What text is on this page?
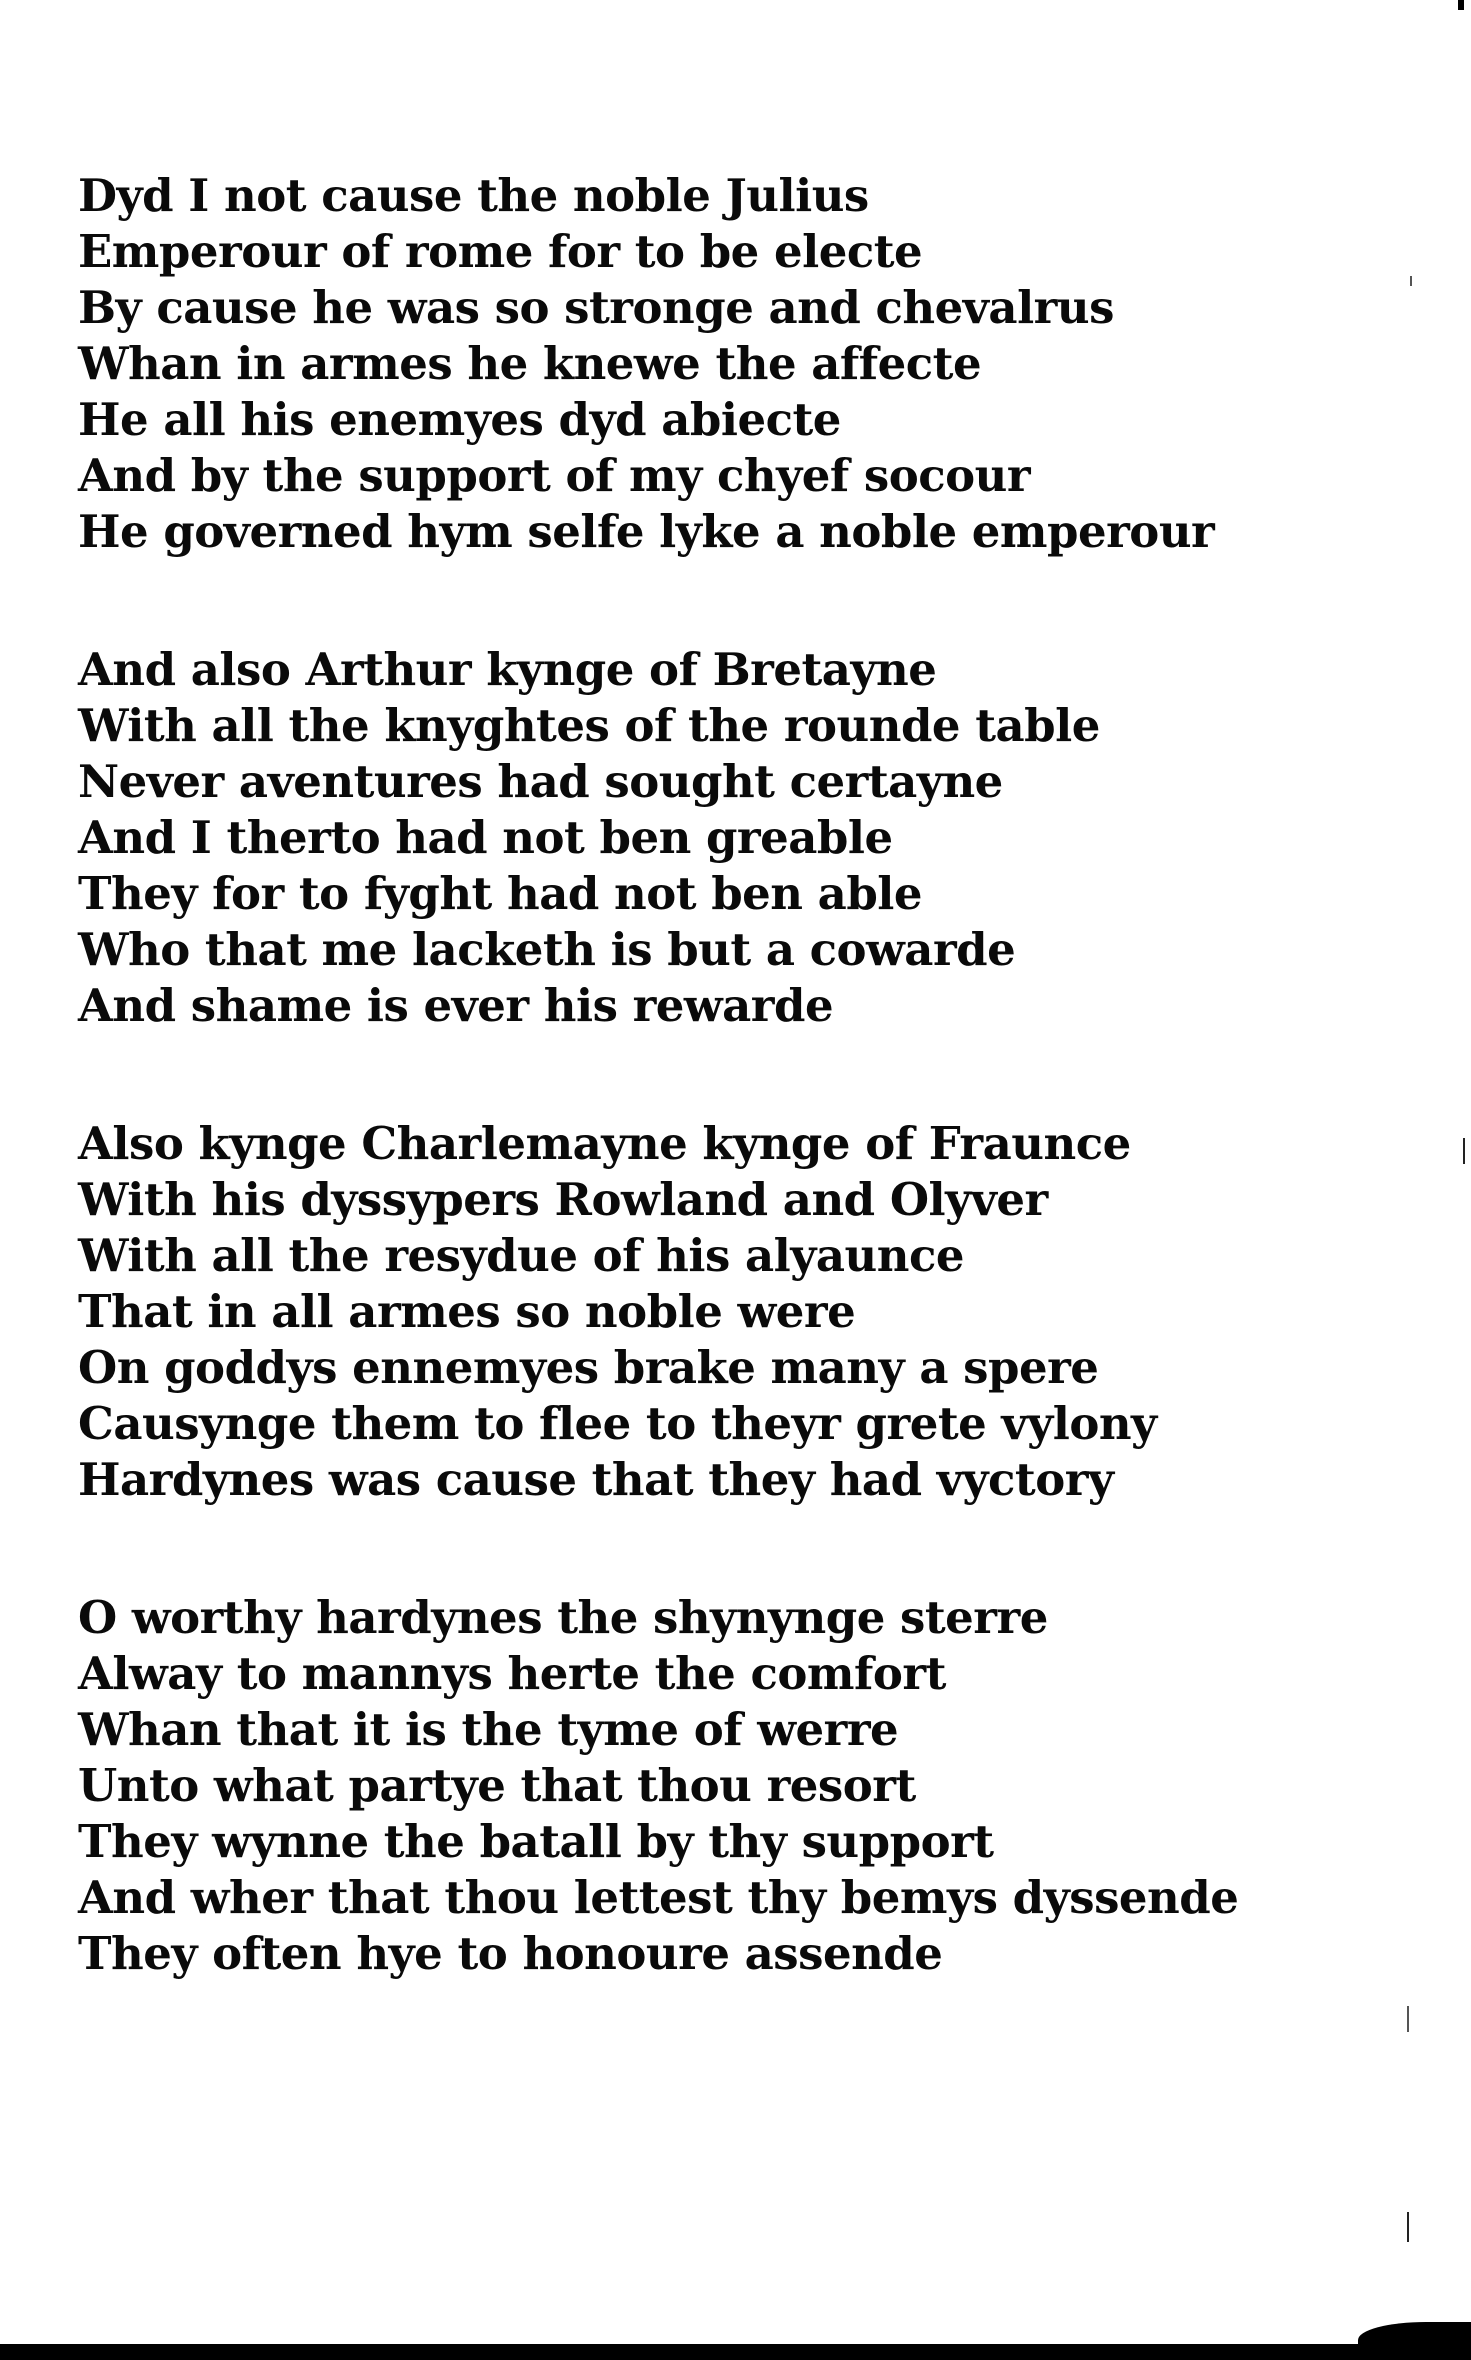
Dyd I not cause the noble Julius
Emperour of rome for to be electe
By cause he was so stronge and chevalrus
Whan in armes he knewe the affecte
He all his enemyes dyd abiecte
And by the support of my chyef socour
He governed hym selfe lyke a noble emperour
And also Arthur kynge of Bretayne
With all the knyghtes of the rounde table
Never aventures had sought certayne
And I therto had not ben greable
They for to fyght had not ben able
Who that me lacketh is but a cowarde
And shame is ever his rewarde
Also kynge Charlemayne kynge of Fraunce
With his dyssypers Rowland and Olyver
With all the resydue of his alyaunce
That in all armes so noble were
On goddys ennemyes brake many a spere
Causynge them to flee to theyr grete vylony
Hardynes was cause that they had vyctory
O worthy hardynes the shynynge sterre
Alway to mannys herte the comfort
Whan that it is the tyme of werre
Unto what partye that thou resort
They wynne the batall by thy support
And wher that thou lettest thy bemys dyssende
They often hye to honoure assende
